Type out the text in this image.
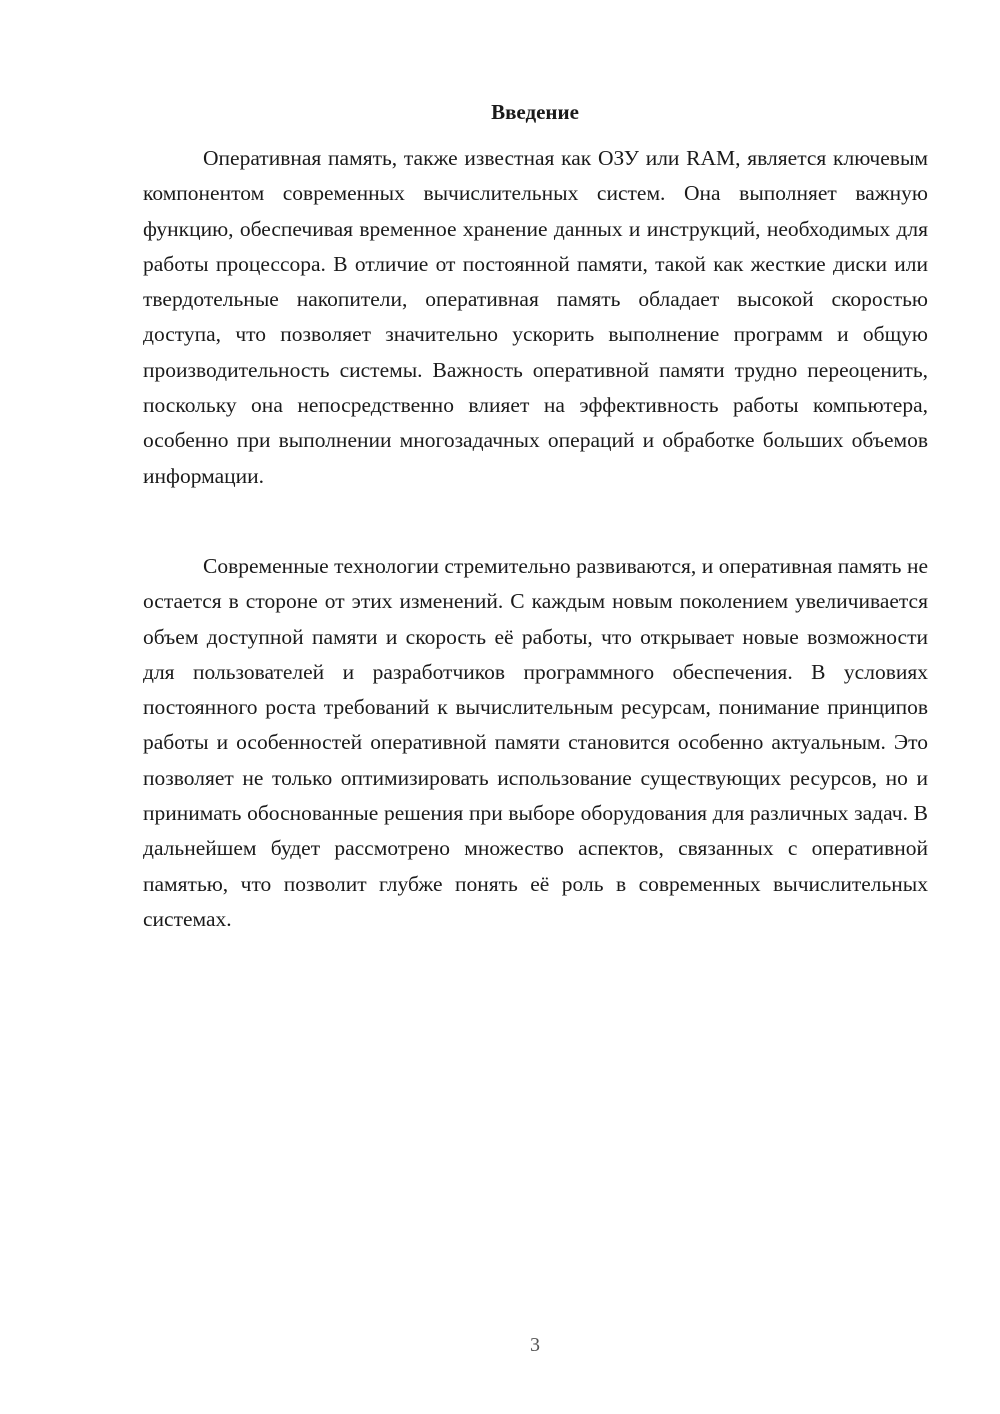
Введение

Оперативная память, также известная как ОЗУ или RAM, является ключевым компонентом современных вычислительных систем. Она выполняет важную функцию, обеспечивая временное хранение данных и инструкций, необходимых для работы процессора. В отличие от постоянной памяти, такой как жесткие диски или твердотельные накопители, оперативная память обладает высокой скоростью доступа, что позволяет значительно ускорить выполнение программ и общую производительность системы. Важность оперативной памяти трудно переоценить, поскольку она непосредственно влияет на эффективность работы компьютера, особенно при выполнении многозадачных операций и обработке больших объемов информации.

Современные технологии стремительно развиваются, и оперативная память не остается в стороне от этих изменений. С каждым новым поколением увеличивается объем доступной памяти и скорость её работы, что открывает новые возможности для пользователей и разработчиков программного обеспечения. В условиях постоянного роста требований к вычислительным ресурсам, понимание принципов работы и особенностей оперативной памяти становится особенно актуальным. Это позволяет не только оптимизировать использование существующих ресурсов, но и принимать обоснованные решения при выборе оборудования для различных задач. В дальнейшем будет рассмотрено множество аспектов, связанных с оперативной памятью, что позволит глубже понять её роль в современных вычислительных системах.

3
